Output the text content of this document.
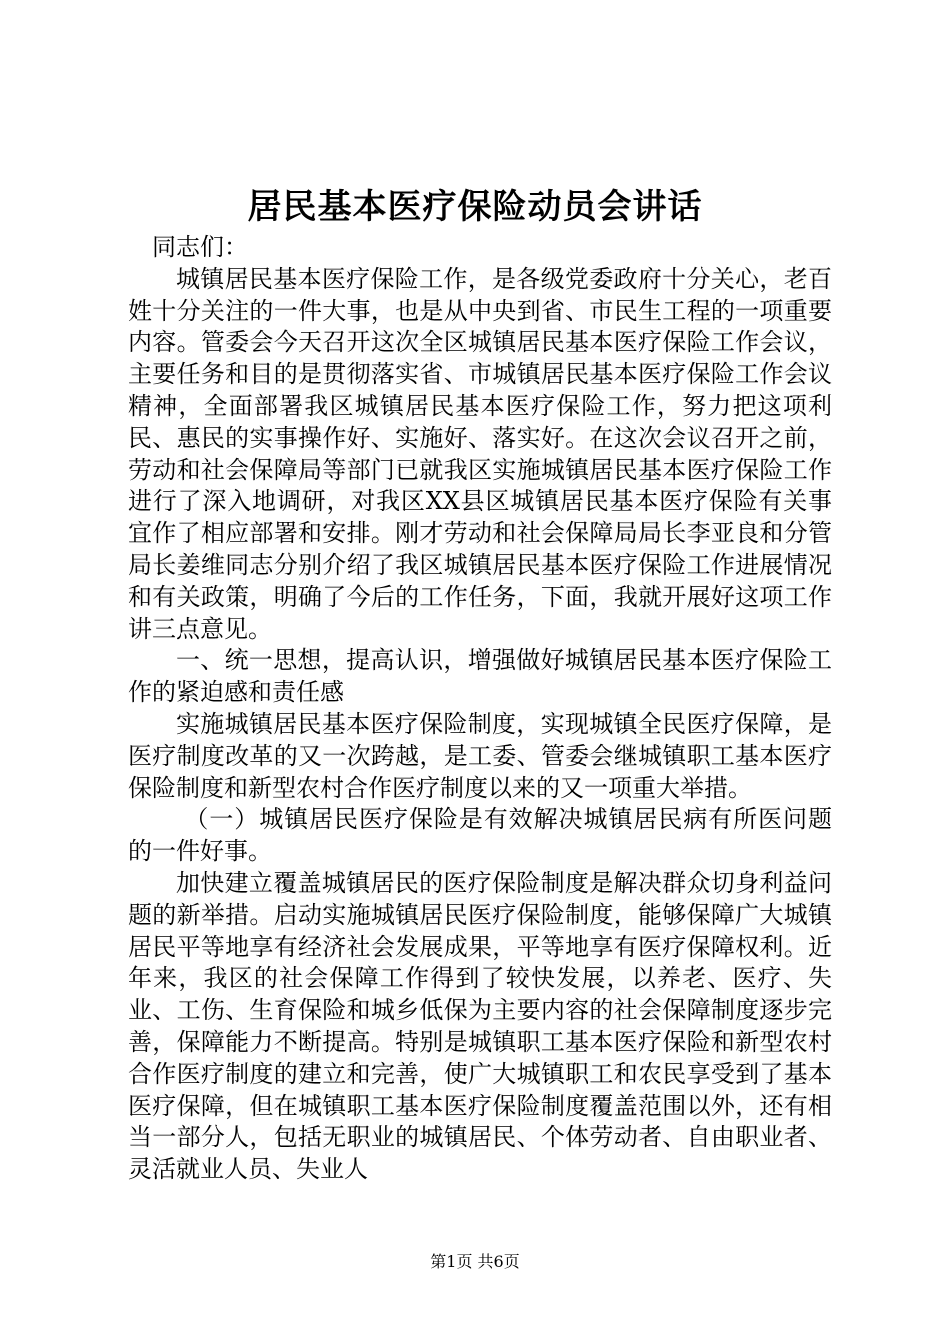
居民基本医疗保险动员会讲话

同志们：

城镇居民基本医疗保险工作，是各级党委政府十分关心，老百姓十分关注的一件大事，也是从中央到省、市民生工程的一项重要内容。管委会今天召开这次全区城镇居民基本医疗保险工作会议，主要任务和目的是贯彻落实省、市城镇居民基本医疗保险工作会议精神，全面部署我区城镇居民基本医疗保险工作，努力把这项利民、惠民的实事操作好、实施好、落实好。在这次会议召开之前，劳动和社会保障局等部门已就我区实施城镇居民基本医疗保险工作进行了深入地调研，对我区XX县区城镇居民基本医疗保险有关事宜作了相应部署和安排。刚才劳动和社会保障局局长李亚良和分管局长姜维同志分别介绍了我区城镇居民基本医疗保险工作进展情况和有关政策，明确了今后的工作任务，下面，我就开展好这项工作讲三点意见。

一、统一思想，提高认识，增强做好城镇居民基本医疗保险工作的紧迫感和责任感

实施城镇居民基本医疗保险制度，实现城镇全民医疗保障，是医疗制度改革的又一次跨越，是工委、管委会继城镇职工基本医疗保险制度和新型农村合作医疗制度以来的又一项重大举措。

（一）城镇居民医疗保险是有效解决城镇居民病有所医问题的一件好事。

加快建立覆盖城镇居民的医疗保险制度是解决群众切身利益问题的新举措。启动实施城镇居民医疗保险制度，能够保障广大城镇居民平等地享有经济社会发展成果，平等地享有医疗保障权利。近年来，我区的社会保障工作得到了较快发展，以养老、医疗、失业、工伤、生育保险和城乡低保为主要内容的社会保障制度逐步完善，保障能力不断提高。特别是城镇职工基本医疗保险和新型农村合作医疗制度的建立和完善，使广大城镇职工和农民享受到了基本医疗保障，但在城镇职工基本医疗保险制度覆盖范围以外，还有相当一部分人，包括无职业的城镇居民、个体劳动者、自由职业者、灵活就业人员、失业人

第1页 共6页
